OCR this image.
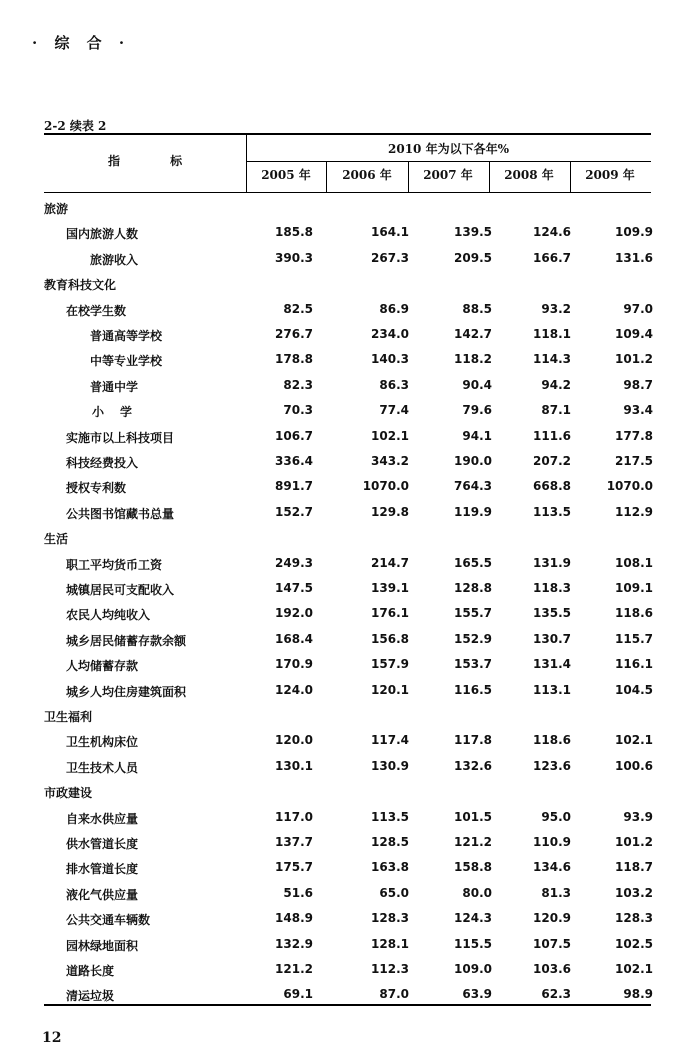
· 综 合 ·
2-2 续表 2
指            标
2010 年为以下各年%
2005 年	2006 年	2007 年	2008 年	2009 年
旅游
国内旅游人数	185.8	164.1	139.5	124.6	109.9
旅游收入	390.3	267.3	209.5	166.7	131.6
教育科技文化
在校学生数	82.5	86.9	88.5	93.2	97.0
普通高等学校	276.7	234.0	142.7	118.1	109.4
中等专业学校	178.8	140.3	118.2	114.3	101.2
普通中学	82.3	86.3	90.4	94.2	98.7
小学	70.3	77.4	79.6	87.1	93.4
实施市以上科技项目	106.7	102.1	94.1	111.6	177.8
科技经费投入	336.4	343.2	190.0	207.2	217.5
授权专利数	891.7	1070.0	764.3	668.8	1070.0
公共图书馆藏书总量	152.7	129.8	119.9	113.5	112.9
生活
职工平均货币工资	249.3	214.7	165.5	131.9	108.1
城镇居民可支配收入	147.5	139.1	128.8	118.3	109.1
农民人均纯收入	192.0	176.1	155.7	135.5	118.6
城乡居民储蓄存款余额	168.4	156.8	152.9	130.7	115.7
人均储蓄存款	170.9	157.9	153.7	131.4	116.1
城乡人均住房建筑面积	124.0	120.1	116.5	113.1	104.5
卫生福利
卫生机构床位	120.0	117.4	117.8	118.6	102.1
卫生技术人员	130.1	130.9	132.6	123.6	100.6
市政建设
自来水供应量	117.0	113.5	101.5	95.0	93.9
供水管道长度	137.7	128.5	121.2	110.9	101.2
排水管道长度	175.7	163.8	158.8	134.6	118.7
液化气供应量	51.6	65.0	80.0	81.3	103.2
公共交通车辆数	148.9	128.3	124.3	120.9	128.3
园林绿地面积	132.9	128.1	115.5	107.5	102.5
道路长度	121.2	112.3	109.0	103.6	102.1
清运垃圾	69.1	87.0	63.9	62.3	98.9
12
